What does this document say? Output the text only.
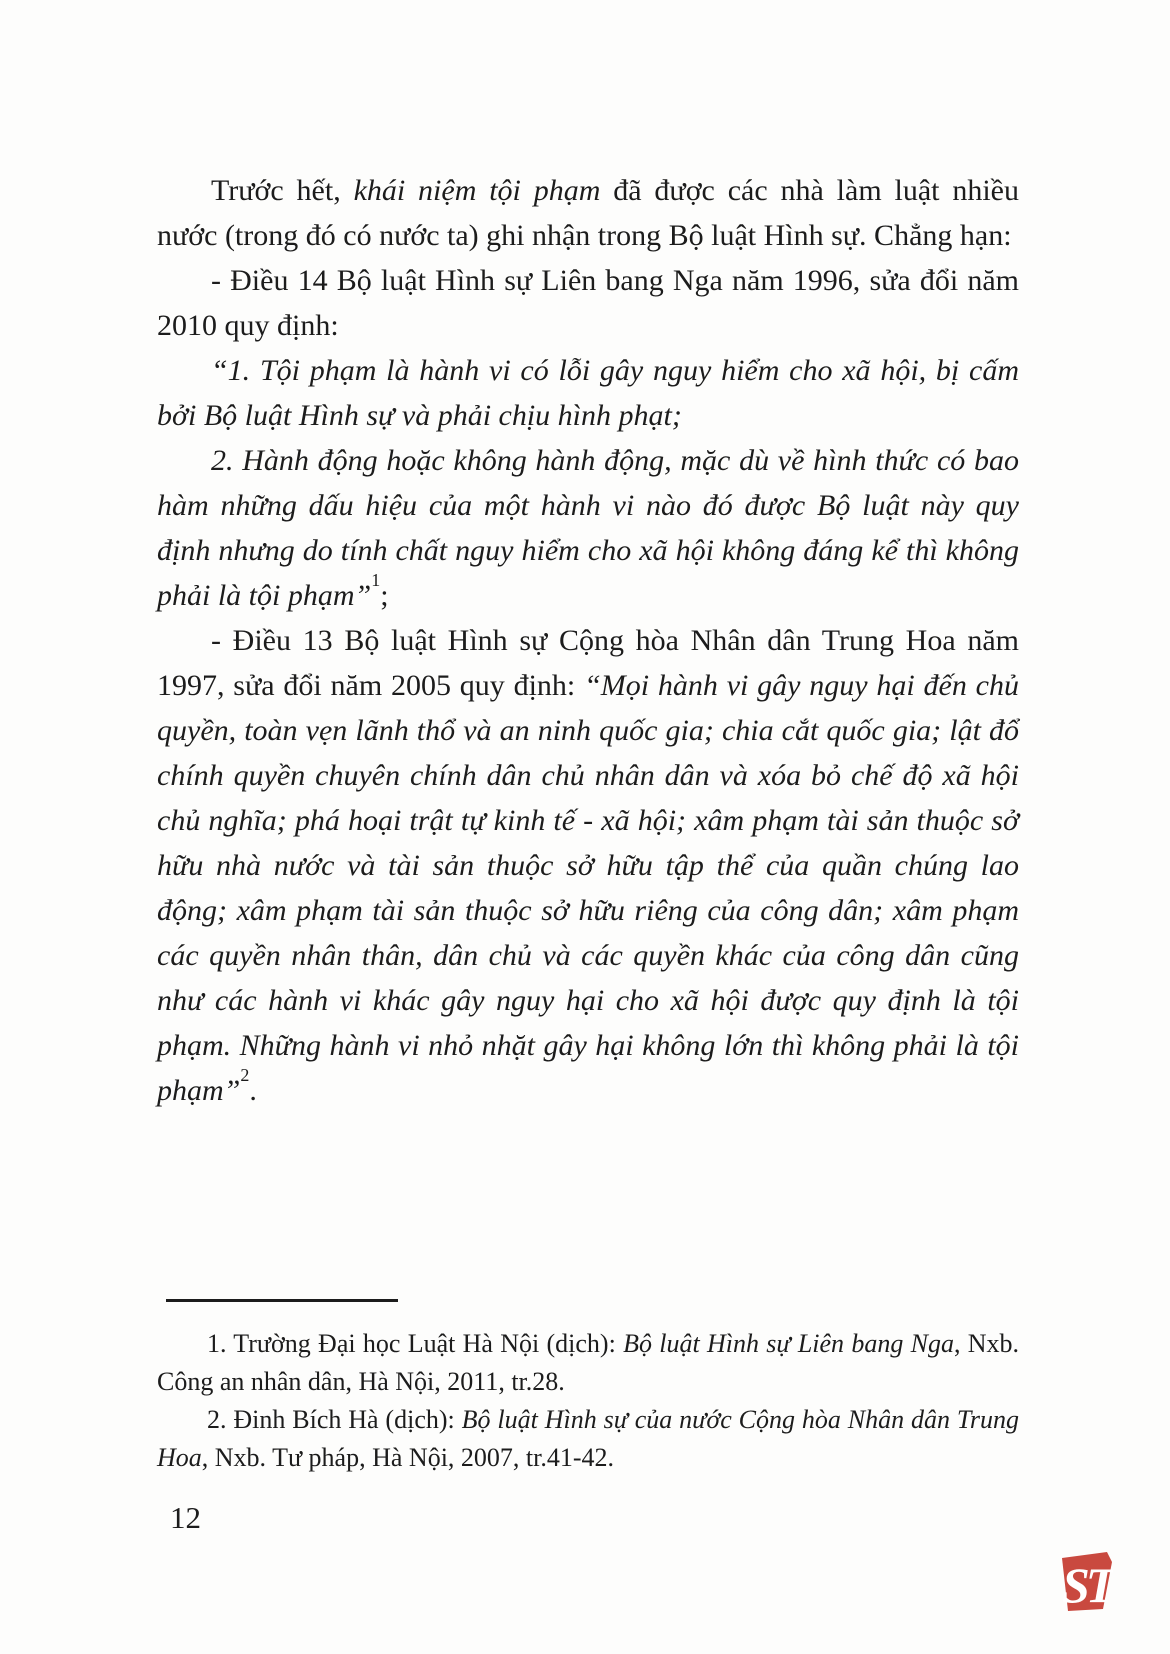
Trước hết, khái niệm tội phạm đã được các nhà làm luật nhiều nước (trong đó có nước ta) ghi nhận trong Bộ luật Hình sự. Chẳng hạn:

- Điều 14 Bộ luật Hình sự Liên bang Nga năm 1996, sửa đổi năm 2010 quy định:

“1. Tội phạm là hành vi có lỗi gây nguy hiểm cho xã hội, bị cấm bởi Bộ luật Hình sự và phải chịu hình phạt;

2. Hành động hoặc không hành động, mặc dù về hình thức có bao hàm những dấu hiệu của một hành vi nào đó được Bộ luật này quy định nhưng do tính chất nguy hiểm cho xã hội không đáng kể thì không phải là tội phạm”$^1$;

- Điều 13 Bộ luật Hình sự Cộng hòa Nhân dân Trung Hoa năm 1997, sửa đổi năm 2005 quy định: “Mọi hành vi gây nguy hại đến chủ quyền, toàn vẹn lãnh thổ và an ninh quốc gia; chia cắt quốc gia; lật đổ chính quyền chuyên chính dân chủ nhân dân và xóa bỏ chế độ xã hội chủ nghĩa; phá hoại trật tự kinh tế - xã hội; xâm phạm tài sản thuộc sở hữu nhà nước và tài sản thuộc sở hữu tập thể của quần chúng lao động; xâm phạm tài sản thuộc sở hữu riêng của công dân; xâm phạm các quyền nhân thân, dân chủ và các quyền khác của công dân cũng như các hành vi khác gây nguy hại cho xã hội được quy định là tội phạm. Những hành vi nhỏ nhặt gây hại không lớn thì không phải là tội phạm”$^2$.

1. Trường Đại học Luật Hà Nội (dịch): Bộ luật Hình sự Liên bang Nga, Nxb. Công an nhân dân, Hà Nội, 2011, tr.28.

2. Đinh Bích Hà (dịch): Bộ luật Hình sự của nước Cộng hòa Nhân dân Trung Hoa, Nxb. Tư pháp, Hà Nội, 2007, tr.41-42.

12
ST
